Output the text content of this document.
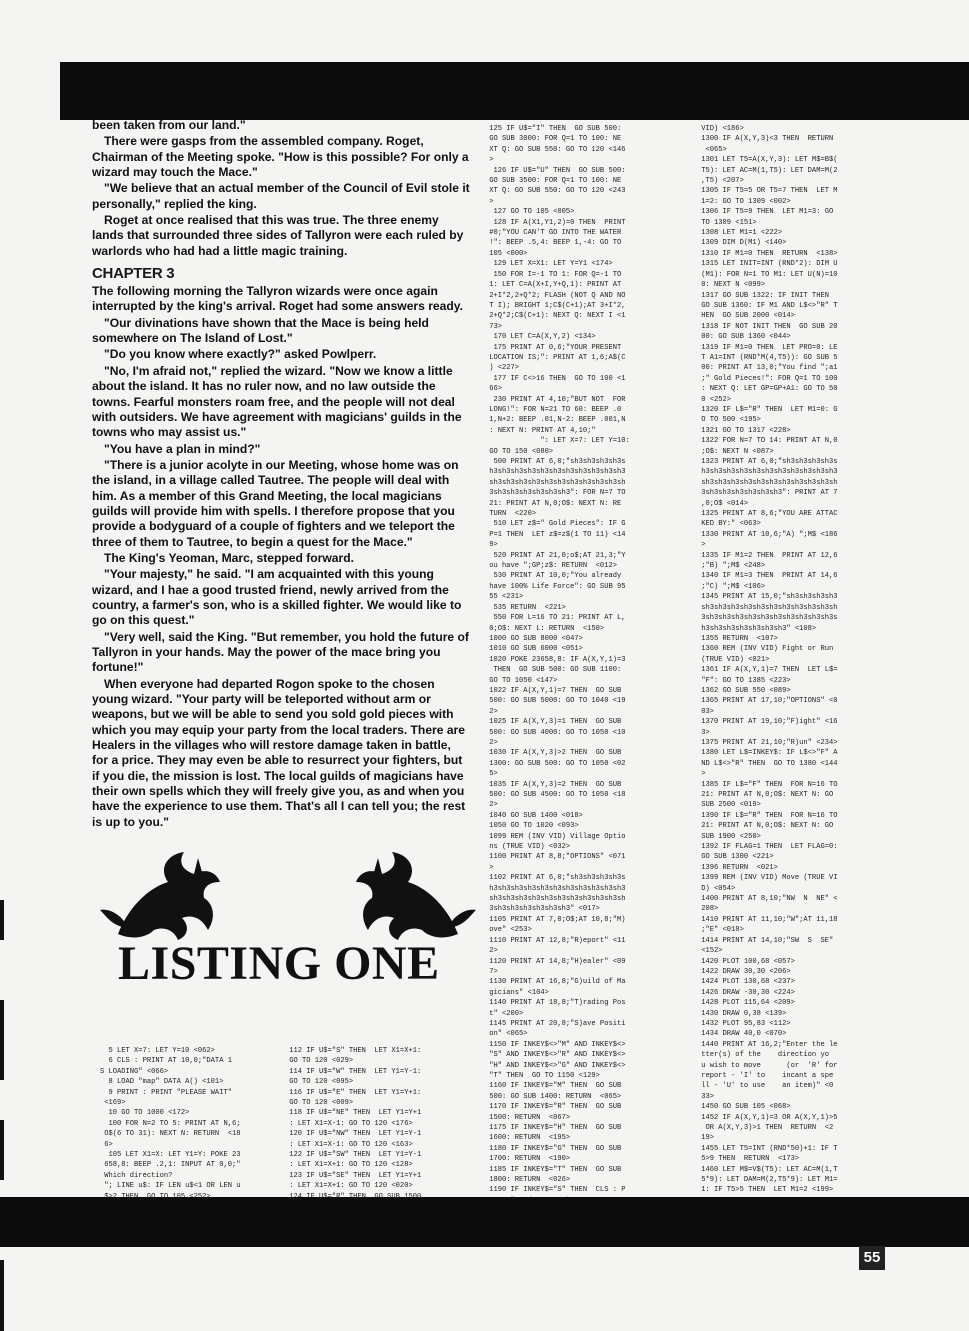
been taken from our land."

There were gasps from the assembled company. Roget, Chairman of the Meeting spoke. "How is this possible? For only a wizard may touch the Mace."

"We believe that an actual member of the Council of Evil stole it personally," replied the king.

Roget at once realised that this was true. The three enemy lands that surrounded three sides of Tallyron were each ruled by warlords who had had a little magic training.

CHAPTER 3

The following morning the Tallyron wizards were once again interrupted by the king's arrival. Roget had some answers ready.

"Our divinations have shown that the Mace is being held somewhere on The Island of Lost."

"Do you know where exactly?" asked Powlperr.

"No, I'm afraid not," replied the wizard. "Now we know a little about the island. It has no ruler now, and no law outside the towns. Fearful monsters roam free, and the people will not deal with outsiders. We have agreement with magicians' guilds in the towns who may assist us."

"You have a plan in mind?"

"There is a junior acolyte in our Meeting, whose home was on the island, in a village called Tautree. The people will deal with him. As a member of this Grand Meeting, the local magicians guilds will provide him with spells. I therefore propose that you provide a bodyguard of a couple of fighters and we teleport the three of them to Tautree, to begin a quest for the Mace."

The King's Yeoman, Marc, stepped forward.

"Your majesty," he said. "I am acquainted with this young wizard, and I hae a good trusted friend, newly arrived from the country, a farmer's son, who is a skilled fighter. We would like to go on this quest."

"Very well, said the King. "But remember, you hold the future of Tallyron in your hands. May the power of the mace bring you fortune!"

When everyone had departed Rogon spoke to the chosen young wizard. "Your party will be teleported without arm or weapons, but we will be able to send you sold gold pieces with which you may equip your party from the local traders. There are Healers in the villages who will restore damage taken in battle, for a price. They may even be able to resurrect your fighters, but if you die, the mission is lost. The local guilds of magicians have their own spells which they will freely give you, as and when you have the experience to use them. That's all I can tell you; the rest is up to you."

LISTING ONE
5 LET X=7: LET Y=10 <062>
6 CLS : PRINT AT 10,0;"DATA 1
S LOADING" <066>
8 LOAD "map" DATA A() <101>
9 PRINT : PRINT "PLEASE WAIT"
<169>
10 GO TO 1000 <172>
100 FOR N=2 TO 5: PRINT AT N,6;
O$(6 TO 31): NEXT N: RETURN  <18
6>
105 LET X1=X: LET Y1=Y: POKE 23
658,8: BEEP .2,1: INPUT AT 0,0;"
Which direction?
"; LINE u$: IF LEN u$<1 OR LEN u

112 IF U$="S" THEN  LET X1=X+1:
GO TO 120 <029>
114 IF U$="W" THEN  LET Y1=Y-1:
GO TO 120 <095>
116 IF U$="E" THEN  LET Y1=Y+1:
GO TO 120 <009>
118 IF U$="NE" THEN  LET Y1=Y+1
: LET X1=X-1: GO TO 120 <176>
120 IF U$="NW" THEN  LET Y1=Y-1
: LET X1=X-1: GO TO 120 <163>
122 IF U$="SW" THEN  LET Y1=Y-1
: LET X1=X+1: GO TO 120 <128>
123 IF U$="SE" THEN  LET Y1=Y+1
: LET X1=X+1: GO TO 120 <020>

125 IF U$="I" THEN  GO SUB 500:
GO SUB 3000: FOR Q=1 TO 100: NE
XT Q: GO SUB 550: GO TO 120 <146
>
126 IF U$="U" THEN  GO SUB 500:
GO SUB 3500: FOR Q=1 TO 100: NE
XT Q: GO SUB 550: GO TO 120 <243
>
127 GO TO 105 <005>
128 IF A(X1,Y1,2)=0 THEN  PRINT
#0;"YOU CAN'T GO INTO THE WATER
!": BEEP .5,4: BEEP 1,-4: GO TO
105 <000>
129 LET X=X1: LET Y=Y1 <174>
150 FOR I=-1 TO 1: FOR Q=-1 TO
1: LET C=A(X+I,Y+Q,1): PRINT AT
2+I*2,2+Q*2; FLASH (NOT Q AND NO
T I); BRIGHT 1;C$(C+1);AT 3+I*2,
2+Q*2;C$(C+1): NEXT Q: NEXT I <1
73>
170 LET C=A(X,Y,2) <134>
175 PRINT AT 0,6;"YOUR PRESENT
LOCATION IS;": PRINT AT 1,6;A$(C
) <227>
177 IF C<>16 THEN  GO TO 100 <1
66>
230 PRINT AT 4,10;"BUT NOT  FOR
LONG!": FOR N=21 TO 60: BEEP .0
1,N+2: BEEP .01,N-2: BEEP .001,N
: NEXT N: PRINT AT 4,10;"
": LET X=7: LET Y=10:
GO TO 150 <080>
500 PRINT AT 6,0;"sh3sh3sh3sh3s
h3sh3sh3sh3sh3sh3sh3sh3sh3sh3sh3
sh3sh3sh3sh3sh3sh3sh3sh3sh3sh3sh
3sh3sh3sh3sh3sh3sh3": FOR N=7 TO
21: PRINT AT N,0;O$: NEXT N: RE
TURN  <220>
510 LET z$=" Gold Pieces": IF G
P=1 THEN  LET z$=z$(1 TO 11) <14
9>
520 PRINT AT 21,0;o$;AT 21,3;"Y
ou have ";GP;z$: RETURN  <012>
530 PRINT AT 10,0;"You already
have 100% Life Force": GO SUB 95
55 <231>
535 RETURN  <221>
550 FOR L=16 TO 21: PRINT AT L,
0;O$: NEXT L: RETURN  <150>
1000 GO SUB 8000 <047>
1010 GO SUB 6000 <051>
1020 POKE 23658,8: IF A(X,Y,1)=3
THEN  GO SUB 500: GO SUB 1100:
GO TO 1050 <147>
1022 IF A(X,Y,1)=7 THEN  GO SUB
500: GO SUB 5000: GO TO 1040 <19
2>
1025 IF A(X,Y,3)=1 THEN  GO SUB
500: GO SUB 4000: GO TO 1050 <10
2>
1030 IF A(X,Y,3)>2 THEN  GO SUB
1300: GO SUB 500: GO TO 1050 <02
5>
1035 IF A(X,Y,3)=2 THEN  GO SUB
500: GO SUB 4500: GO TO 1050 <18
2>
1040 GO SUB 1400 <018>
1050 GO TO 1020 <093>
1099 REM (INV VID) Village Optio
ns (TRUE VID) <032>
1100 PRINT AT 8,8;"OPTIONS" <071
>
1102 PRINT AT 6,0;"sh3sh3sh3sh3s
h3sh3sh3sh3sh3sh3sh3sh3sh3sh3sh3
sh3sh3sh3sh3sh3sh3sh3sh3sh3sh3sh
3sh3sh3sh3sh3sh3sh3" <017>
1105 PRINT AT 7,0;O$;AT 10,8;"M)
ove" <253>
1110 PRINT AT 12,8;"R)eport" <11
2>
1120 PRINT AT 14,8;"H)ealer" <09
7>
1130 PRINT AT 16,8;"G)uild of Ma
gicians" <104>
1140 PRINT AT 18,8;"T)rading Pos
t" <200>
1145 PRINT AT 20,8;"S)ave Positi
on" <065>
1150 IF INKEY$<>"M" AND INKEY$<>
"S" AND INKEY$<>"R" AND INKEY$<>
"H" AND INKEY$<>"G" AND INKEY$<>
"T" THEN  GO TO 1150 <129>
1160 IF INKEY$="M" THEN  GO SUB
500: GO SUB 1400: RETURN  <065>
1170 IF INKEY$="R" THEN  GO SUB
1500: RETURN  <067>
1175 IF INKEY$="H" THEN  GO SUB
1600: RETURN  <195>
1180 IF INKEY$="G" THEN  GO SUB
1700: RETURN  <190>
1185 IF INKEY$="T" THEN  GO SUB
1800: RETURN  <026>
1190 IF INKEY$="S" THEN  CLS : P

VID) <186>
1300 IF A(X,Y,3)<3 THEN  RETURN
<065>
1301 LET T5=A(X,Y,3): LET M$=B$(
T5): LET AC=M(1,T5): LET DAM=M(2
,T5) <207>
1305 IF T5=5 OR T5=7 THEN  LET M
1=2: GO TO 1309 <002>
1306 IF T5=9 THEN  LET M1=3: GO
TO 1309 <151>
1308 LET M1=1 <222>
1309 DIM D(M1) <140>
1310 IF M1=0 THEN  RETURN  <138>
1315 LET INIT=INT (RND*2): DIM U
(M1): FOR N=1 TO M1: LET U(N)=10
0: NEXT N <099>
1317 GO SUB 1322: IF INIT THEN
GO SUB 1360: IF M1 AND L$<>"R" T
HEN  GO SUB 2000 <014>
1318 IF NOT INIT THEN  GO SUB 20
00: GO SUB 1360 <044>
1319 IF M1=0 THEN  LET PRO=0: LE
T A1=INT (RND*M(4,T5)): GO SUB 5
00: PRINT AT 13,0;"You find ";a1
;" Gold Pieces!": FOR Q=1 TO 100
: NEXT Q: LET GP=GP+A1: GO TO 50
0 <252>
1320 IF L$="R" THEN  LET M1=0: G
O TO 500 <195>
1321 GO TO 1317 <228>
1322 FOR N=7 TO 14: PRINT AT N,0
;O$: NEXT N <087>
1323 PRINT AT 6,0;"sh3sh3sh3sh3s
h3sh3sh3sh3sh3sh3sh3sh3sh3sh3sh3
sh3sh3sh3sh3sh3sh3sh3sh3sh3sh3sh
3sh3sh3sh3sh3sh3sh3": PRINT AT 7
,0;O$ <014>
1325 PRINT AT 8,6;"YOU ARE ATTAC
KED BY:" <063>
1330 PRINT AT 10,6;"A) ";M$ <186
>
1335 IF M1=2 THEN  PRINT AT 12,6
;"B) ";M$ <248>
1340 IF M1=3 THEN  PRINT AT 14,6
;"C) ";M$ <106>
1345 PRINT AT 15,0;"sh3sh3sh3sh3
sh3sh3sh3sh3sh3sh3sh3sh3sh3sh3sh
3sh3sh3sh3sh3sh3sh3sh3sh3sh3sh3s
h3sh3sh3sh3sh3sh3sh3" <108>
1355 RETURN  <107>
1360 REM (INV VID) Fight or Run
(TRUE VID) <021>
1361 IF A(X,Y,1)=7 THEN  LET L$=
"F": GO TO 1385 <223>
1362 GO SUB 550 <089>
1365 PRINT AT 17,10;"OPTIONS" <0
03>
1370 PRINT AT 19,10;"F)ight" <16
3>
1375 PRINT AT 21,10;"R)un" <234>
1380 LET L$=INKEY$: IF L$<>"F" A
ND L$<>"R" THEN  GO TO 1380 <144
>
1385 IF L$="F" THEN  FOR N=16 TO
21: PRINT AT N,0;O$: NEXT N: GO
SUB 2500 <019>
1390 IF L$="R" THEN  FOR N=16 TO
21: PRINT AT N,0;O$: NEXT N: GO
SUB 1900 <250>
1392 IF FLAG=1 THEN  LET FLAG=0:
GO SUB 1300 <221>
1396 RETURN  <021>
1399 REM (INV VID) Move (TRUE VI
D) <054>
1400 PRINT AT 8,10;"NW  N  NE" <
208>
1410 PRINT AT 11,10;"W";AT 11,18
;"E" <018>
1414 PRINT AT 14,10;"SW  S  SE"
<152>
1420 PLOT 100,68 <057>
1422 DRAW 30,30 <206>
1424 PLOT 130,68 <237>
1426 DRAW -30,30 <224>
1428 PLOT 115,64 <209>
1430 DRAW 0,38 <139>
1432 PLOT 95,83 <112>
1434 DRAW 40,0 <070>
1440 PRINT AT 16,2;"Enter the le
tter(s) of the    direction yo
u wish to move      (or  'R' for
report - 'I' to    incant a spe
ll - 'U' to use    an item)" <0
33>
1450 GO SUB 105 <068>
1452 IF A(X,Y,1)=3 OR A(X,Y,1)>5
OR A(X,Y,3)>1 THEN  RETURN  <2
19>
1455 LET T5=INT (RND*50)+1: IF T
5>9 THEN  RETURN  <173>
1460 LET M$=V$(T5): LET AC=M(1,T
5*9): LET DAM=M(2,T5*9): LET M1=
1: IF T5>5 THEN  LET M1=2 <199>

55
